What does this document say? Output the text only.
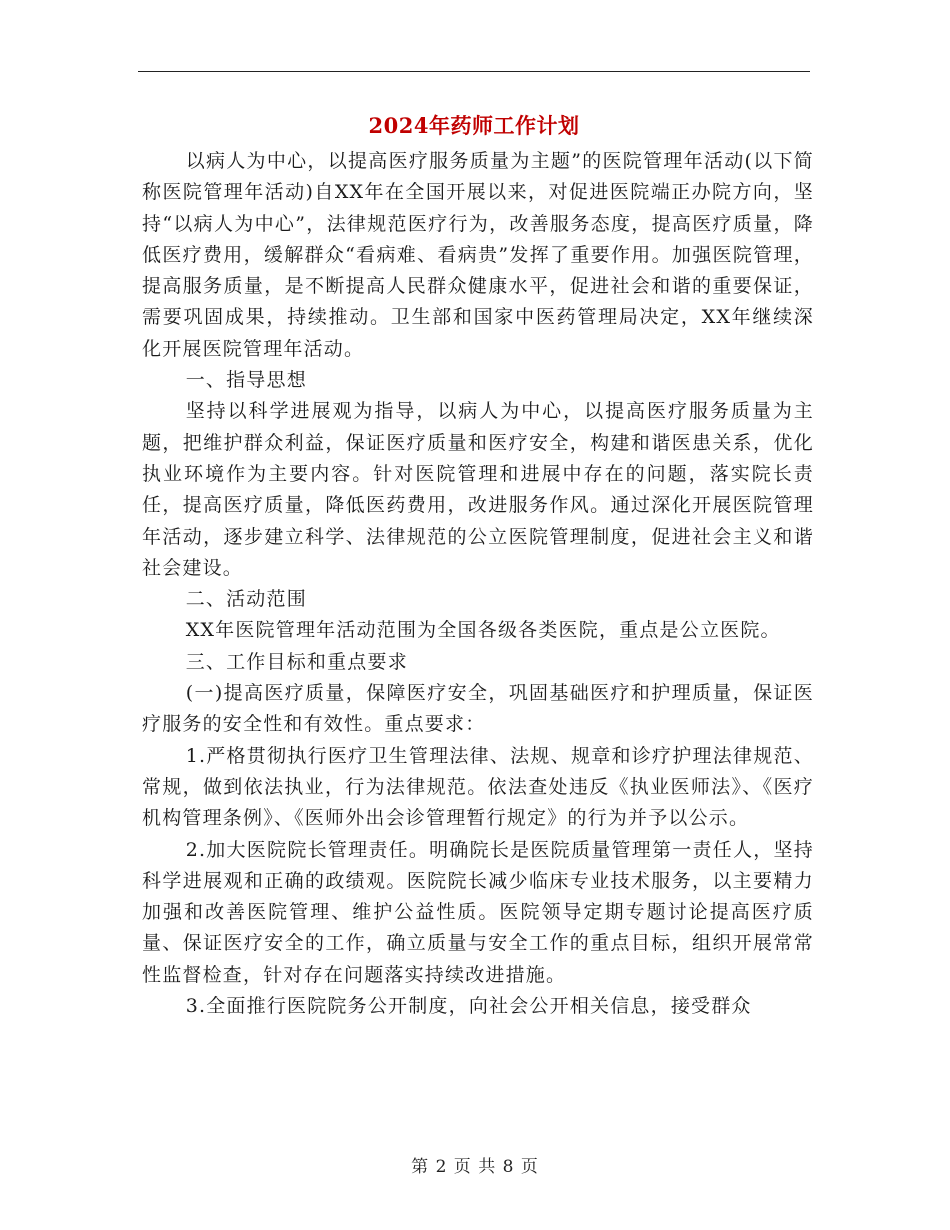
2024年药师工作计划

以病人为中心，以提高医疗服务质量为主题”的医院管理年活动(以下简称医院管理年活动)自XX年在全国开展以来，对促进医院端正办院方向，坚持“以病人为中心”，法律规范医疗行为，改善服务态度，提高医疗质量，降低医疗费用，缓解群众“看病难、看病贵”发挥了重要作用。加强医院管理，提高服务质量，是不断提高人民群众健康水平，促进社会和谐的重要保证，需要巩固成果，持续推动。卫生部和国家中医药管理局决定，XX年继续深化开展医院管理年活动。

一、指导思想

坚持以科学进展观为指导，以病人为中心，以提高医疗服务质量为主题，把维护群众利益，保证医疗质量和医疗安全，构建和谐医患关系，优化执业环境作为主要内容。针对医院管理和进展中存在的问题，落实院长责任，提高医疗质量，降低医药费用，改进服务作风。通过深化开展医院管理年活动，逐步建立科学、法律规范的公立医院管理制度，促进社会主义和谐社会建设。

二、活动范围

XX年医院管理年活动范围为全国各级各类医院，重点是公立医院。

三、工作目标和重点要求

(一)提高医疗质量，保障医疗安全，巩固基础医疗和护理质量，保证医疗服务的安全性和有效性。重点要求：

1.严格贯彻执行医疗卫生管理法律、法规、规章和诊疗护理法律规范、常规，做到依法执业，行为法律规范。依法查处违反《执业医师法》、《医疗机构管理条例》、《医师外出会诊管理暂行规定》的行为并予以公示。

2.加大医院院长管理责任。明确院长是医院质量管理第一责任人，坚持科学进展观和正确的政绩观。医院院长减少临床专业技术服务，以主要精力加强和改善医院管理、维护公益性质。医院领导定期专题讨论提高医疗质量、保证医疗安全的工作，确立质量与安全工作的重点目标，组织开展常常性监督检查，针对存在问题落实持续改进措施。

3.全面推行医院院务公开制度，向社会公开相关信息，接受群众

第 2 页 共 8 页
